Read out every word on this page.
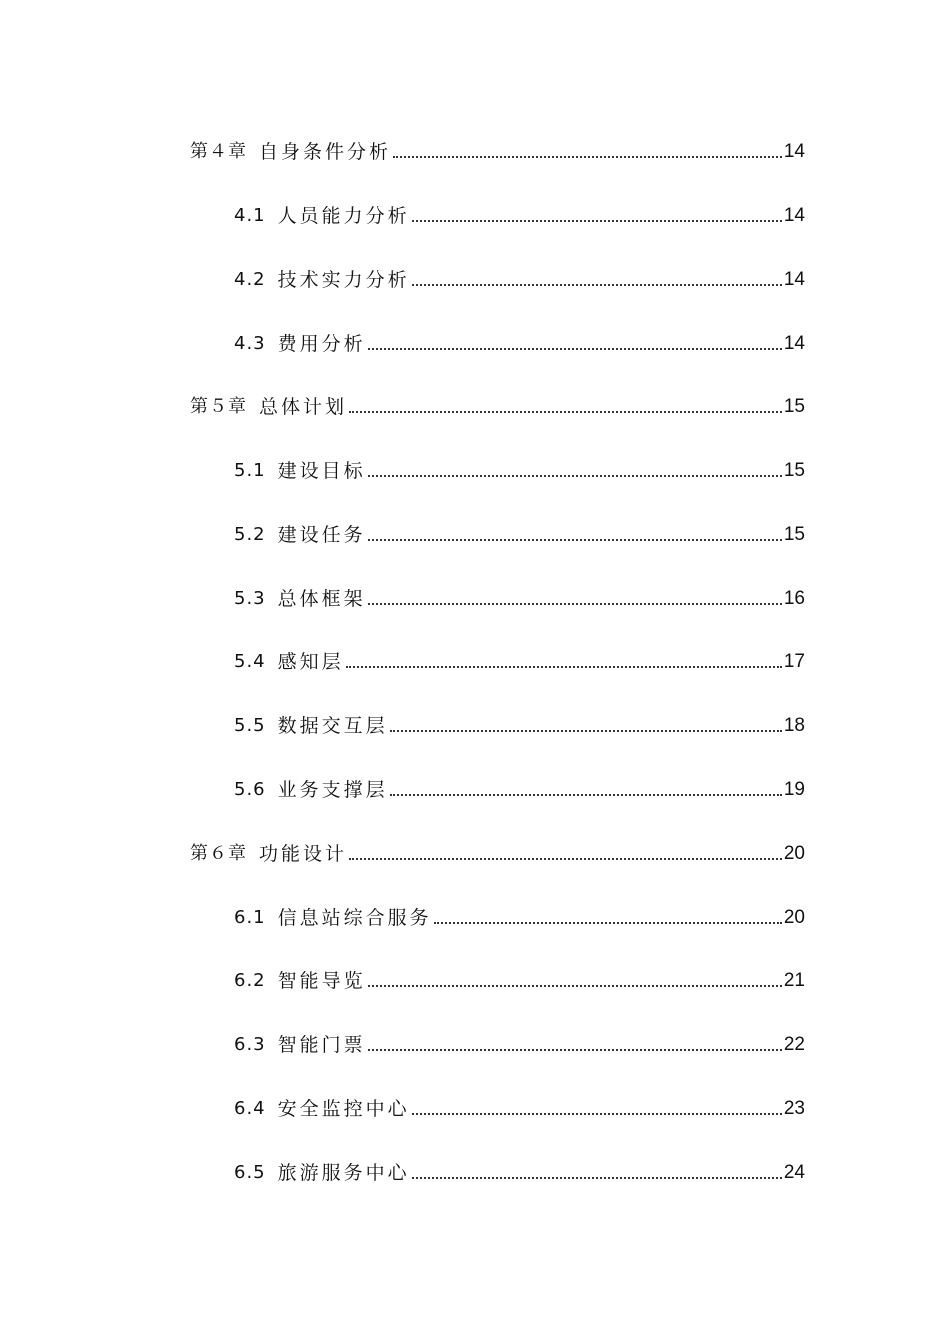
第４章 自身条件分析	14
4.1 人员能力分析	14
4.2 技术实力分析	14
4.3 费用分析	14
第５章 总体计划	15
5.1 建设目标	15
5.2 建设任务	15
5.3 总体框架	16
5.4 感知层	17
5.5 数据交互层	18
5.6 业务支撑层	19
第６章 功能设计	20
6.1 信息站综合服务	20
6.2 智能导览	21
6.3 智能门票	22
6.4 安全监控中心	23
6.5 旅游服务中心	24
